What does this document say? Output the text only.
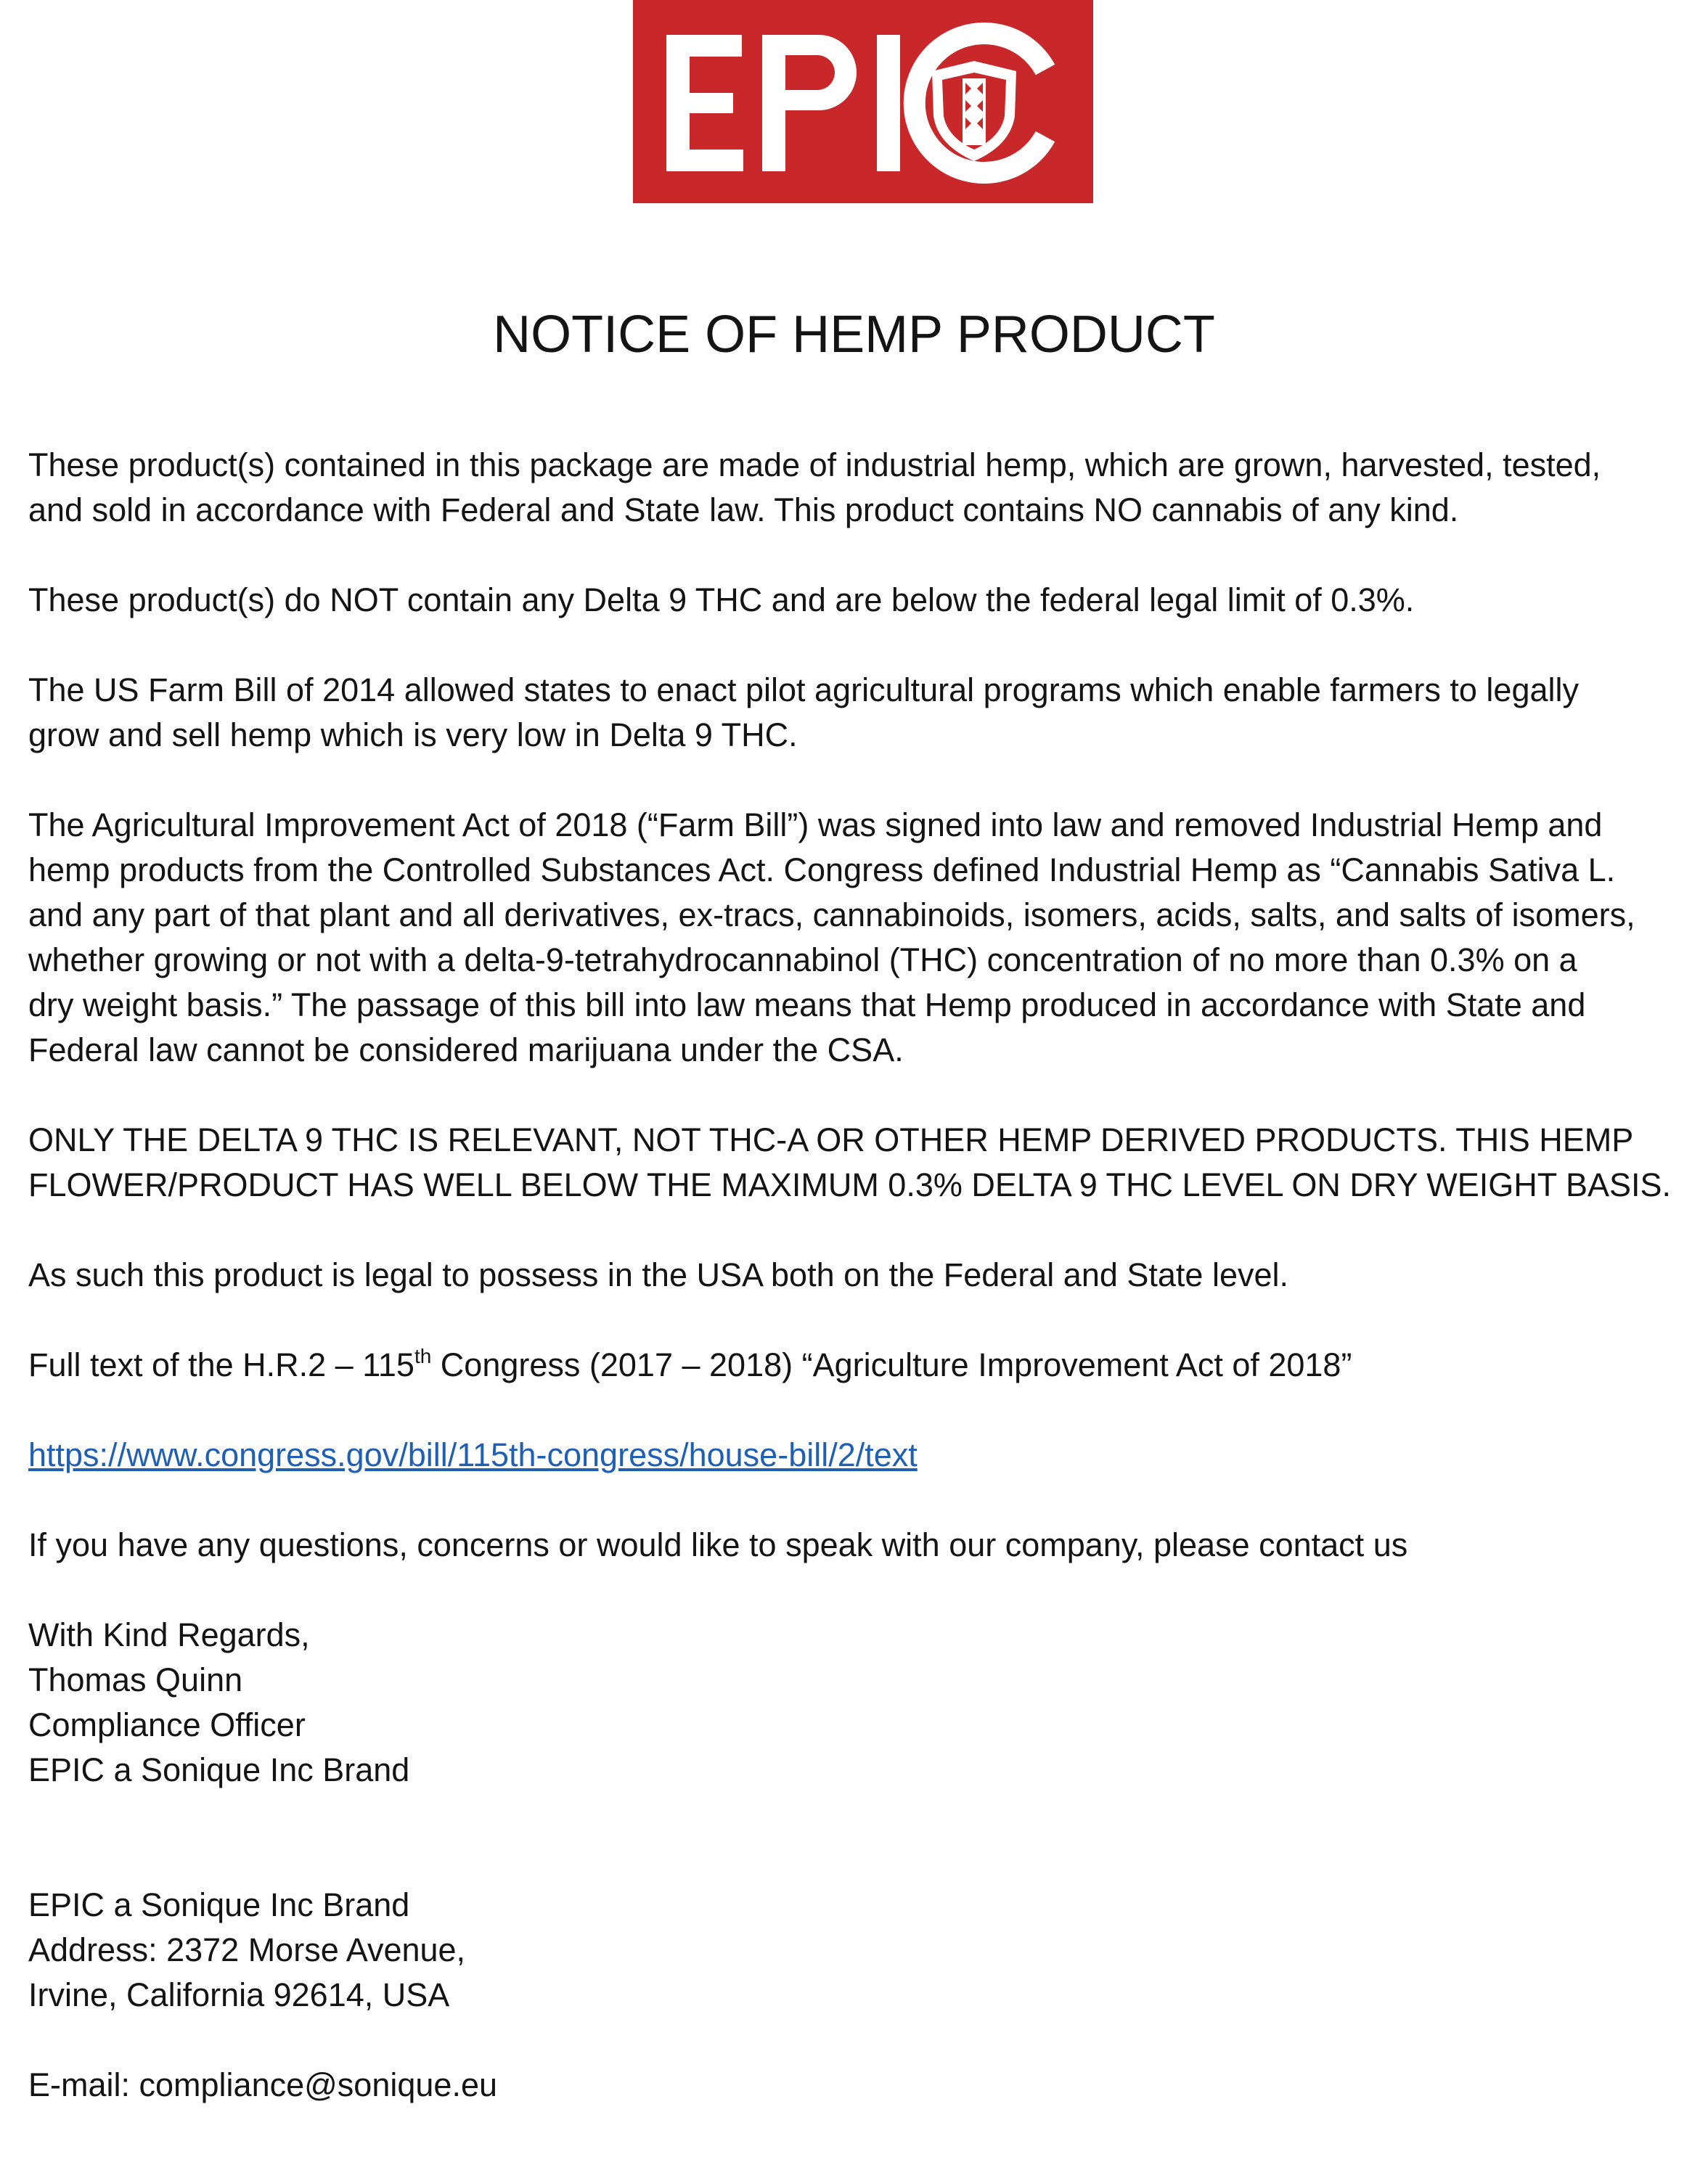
NOTICE OF HEMP PRODUCT

These product(s) contained in this package are made of industrial hemp, which are grown, harvested, tested,
and sold in accordance with Federal and State law. This product contains NO cannabis of any kind.

These product(s) do NOT contain any Delta 9 THC and are below the federal legal limit of 0.3%.

The US Farm Bill of 2014 allowed states to enact pilot agricultural programs which enable farmers to legally
grow and sell hemp which is very low in Delta 9 THC.

The Agricultural Improvement Act of 2018 (“Farm Bill”) was signed into law and removed Industrial Hemp and
hemp products from the Controlled Substances Act. Congress defined Industrial Hemp as “Cannabis Sativa L.
and any part of that plant and all derivatives, ex-tracs, cannabinoids, isomers, acids, salts, and salts of isomers,
whether growing or not with a delta-9-tetrahydrocannabinol (THC) concentration of no more than 0.3% on a
dry weight basis.” The passage of this bill into law means that Hemp produced in accordance with State and
Federal law cannot be considered marijuana under the CSA.

ONLY THE DELTA 9 THC IS RELEVANT, NOT THC-A OR OTHER HEMP DERIVED PRODUCTS. THIS HEMP
FLOWER/PRODUCT HAS WELL BELOW THE MAXIMUM 0.3% DELTA 9 THC LEVEL ON DRY WEIGHT BASIS.

As such this product is legal to possess in the USA both on the Federal and State level.

Full text of the H.R.2 – 115th Congress (2017 – 2018) “Agriculture Improvement Act of 2018”

https://www.congress.gov/bill/115th-congress/house-bill/2/text

If you have any questions, concerns or would like to speak with our company, please contact us

With Kind Regards,
Thomas Quinn
Compliance Officer
EPIC a Sonique Inc Brand

EPIC a Sonique Inc Brand
Address: 2372 Morse Avenue,
Irvine, California 92614, USA

E-mail: compliance@sonique.eu
